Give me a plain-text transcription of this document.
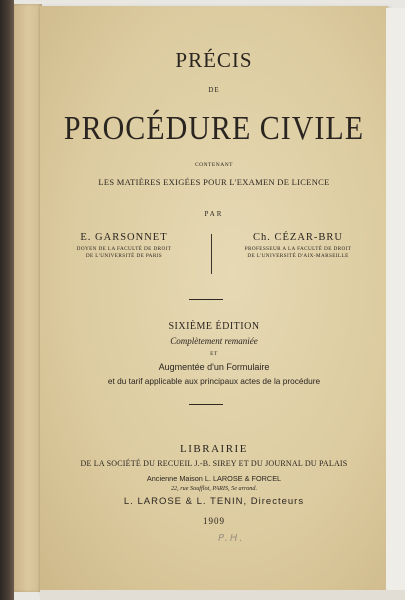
PRÉCIS
DE
PROCÉDURE CIVILE
CONTENANT
LES MATIÈRES EXIGÉES POUR L'EXAMEN DE LICENCE
PAR
E. GARSONNET
DOYEN DE LA FACULTÉ DE DROIT
DE L'UNIVERSITÉ DE PARIS
Ch. CÉZAR-BRU
PROFESSEUR A LA FACULTÉ DE DROIT
DE L'UNIVERSITÉ D'AIX-MARSEILLE
SIXIÈME ÉDITION
Complètement remaniée
ET
Augmentée d'un Formulaire
et du tarif applicable aux principaux actes de la procédure
LIBRAIRIE
DE LA SOCIÉTÉ DU RECUEIL J.-B. SIREY ET DU JOURNAL DU PALAIS
Ancienne Maison L. LAROSE & FORCEL
22, rue Soufflot, PARIS, 5e arrond.
L. LAROSE & L. TENIN, Directeurs
1909
P.H.
